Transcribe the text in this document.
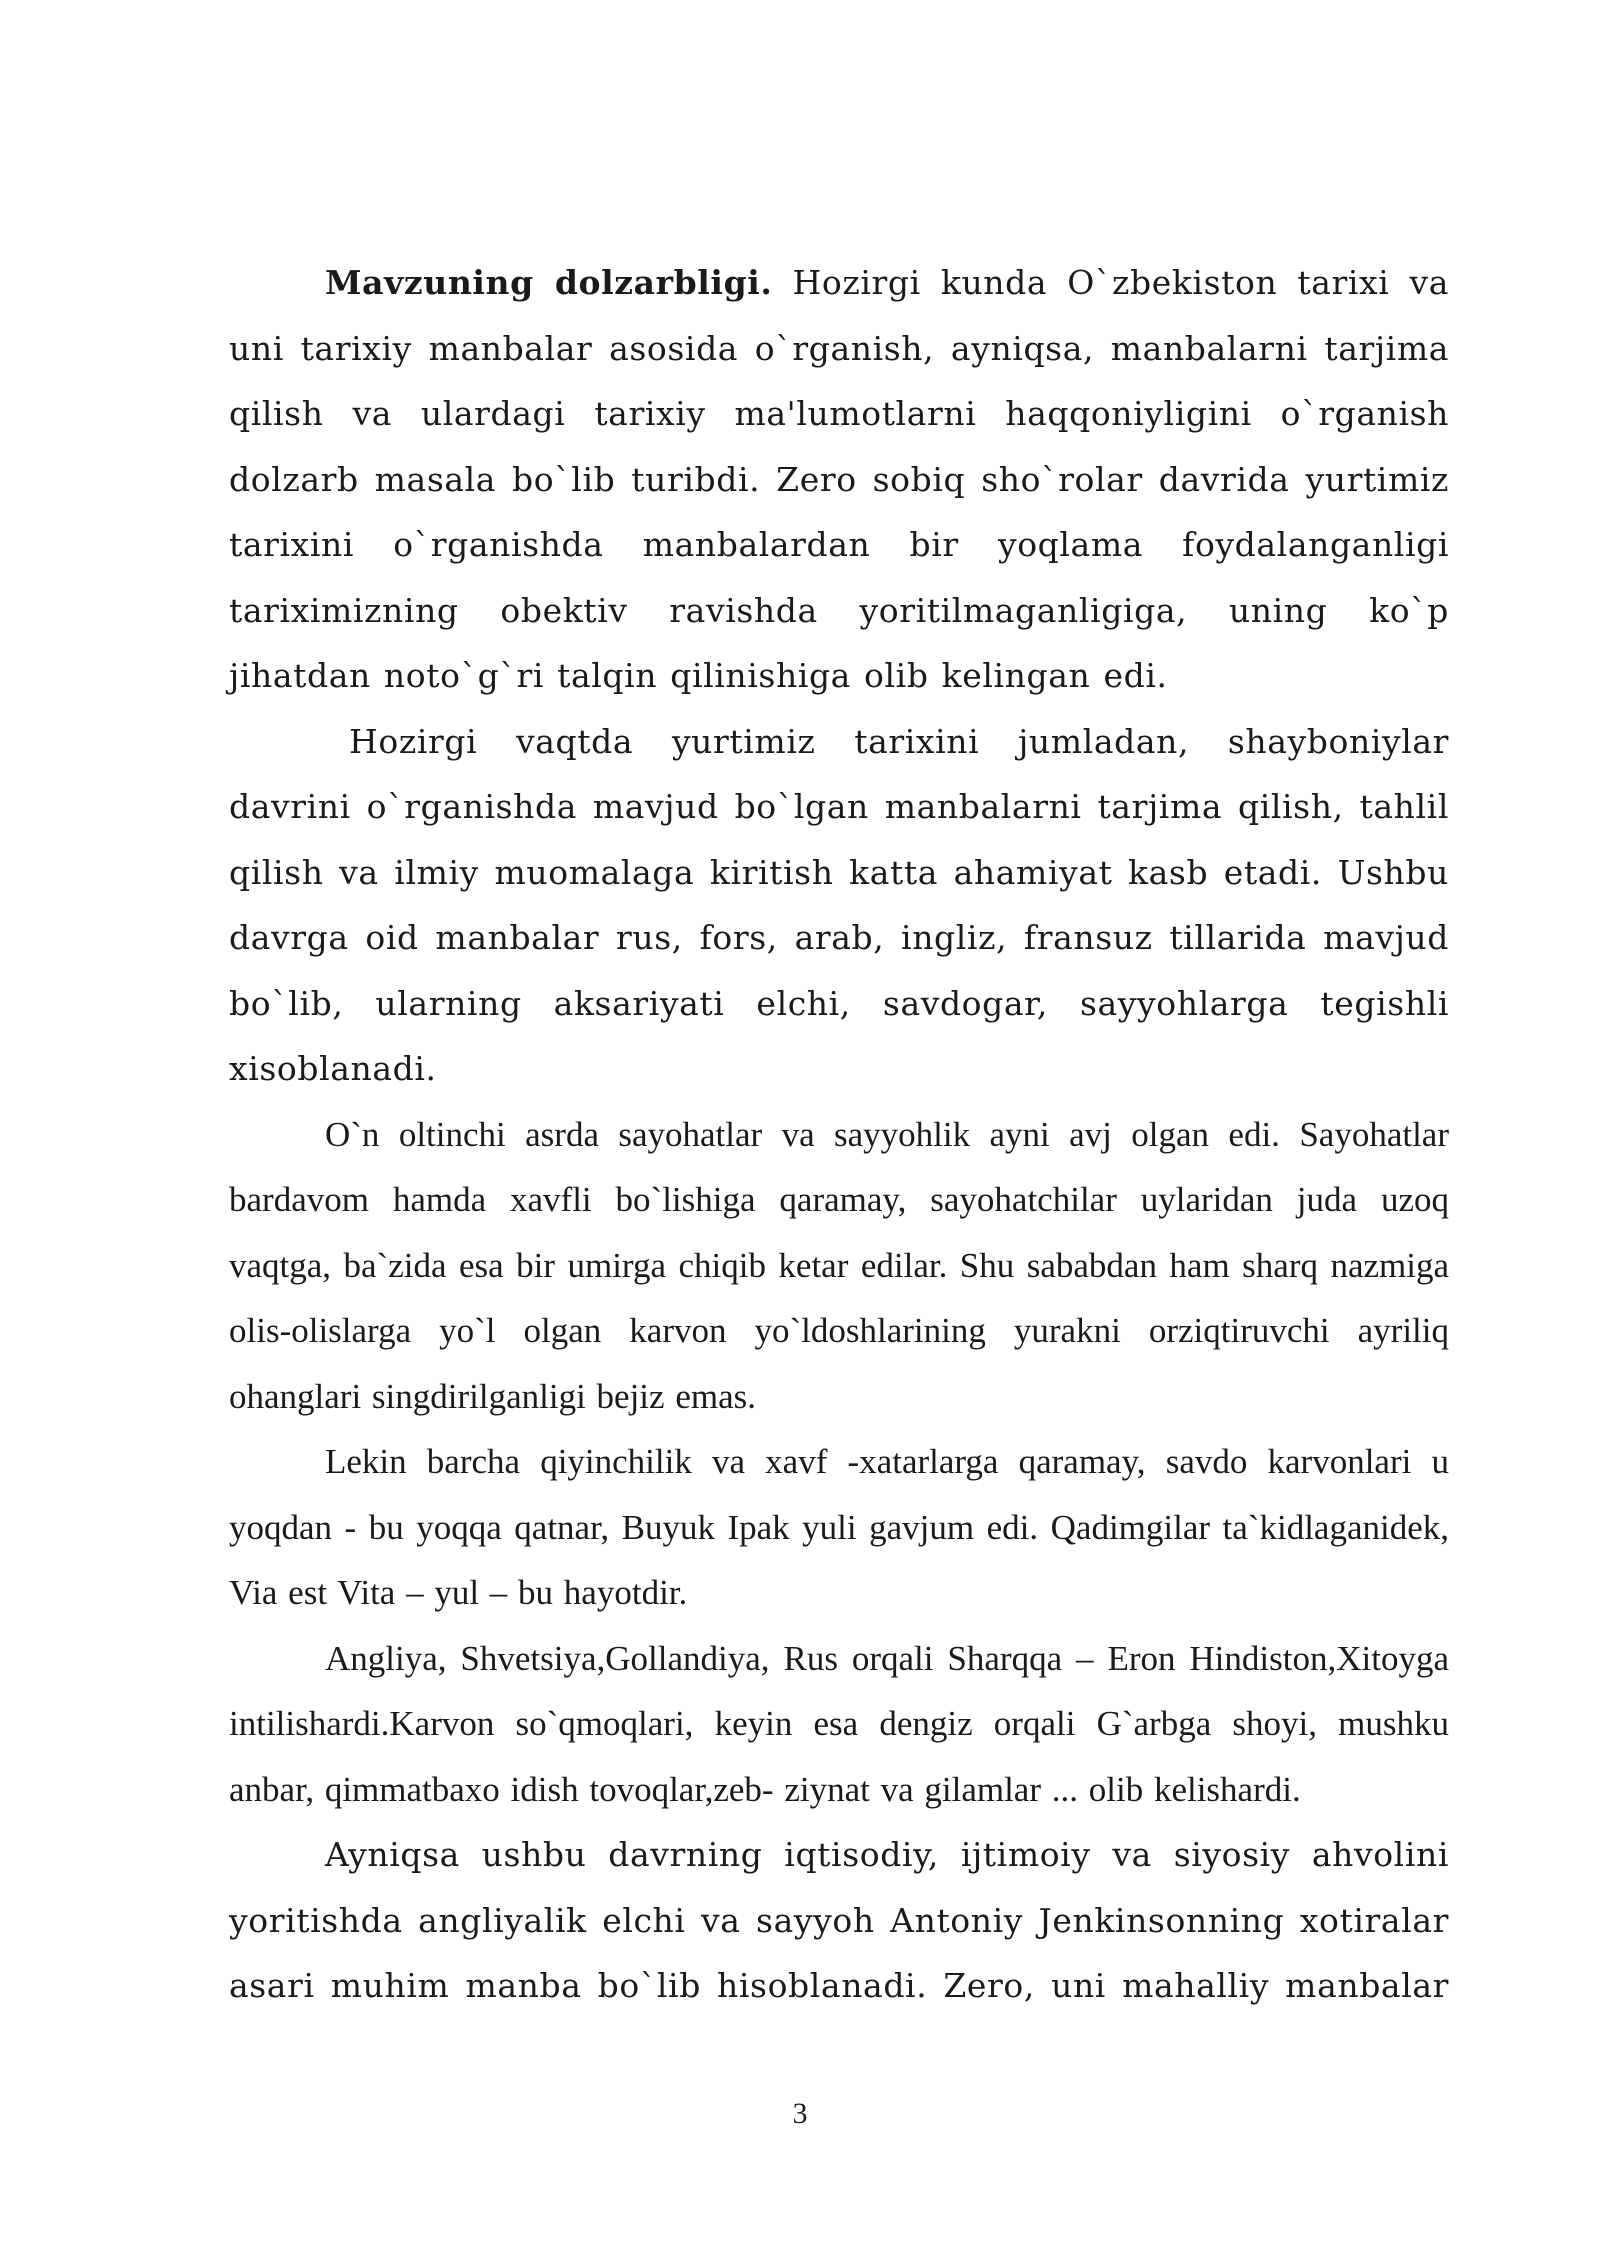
Mavzuning dolzarbligi. Hozirgi kunda O`zbekiston tarixi va uni tarixiy manbalar asosida o`rganish, ayniqsa, manbalarni tarjima qilish va ulardagi tarixiy ma'lumotlarni haqqoniyligini o`rganish dolzarb masala bo`lib turibdi. Zero sobiq sho`rolar davrida yurtimiz tarixini o`rganishda manbalardan bir yoqlama foydalanganligi tariximizning obektiv ravishda yoritilmaganligiga, uning ko`p jihatdan noto`g`ri talqin qilinishiga olib kelingan edi.

Hozirgi vaqtda yurtimiz tarixini jumladan, shayboniylar davrini o`rganishda mavjud bo`lgan manbalarni tarjima qilish, tahlil qilish va ilmiy muomalaga kiritish katta ahamiyat kasb etadi. Ushbu davrga oid manbalar rus, fors, arab, ingliz, fransuz tillarida mavjud bo`lib, ularning aksariyati elchi, savdogar, sayyohlarga tegishli xisoblanadi.

O`n oltinchi asrda sayohatlar va sayyohlik ayni avj olgan edi. Sayohatlar bardavom hamda xavfli bo`lishiga qaramay, sayohatchilar uylaridan juda uzoq vaqtga, ba`zida esa bir umirga chiqib ketar edilar. Shu sababdan ham sharq nazmiga olis-olislarga yo`l olgan karvon yo`ldoshlarining yurakni orziqtiruvchi ayriliq ohanglari singdirilganligi bejiz emas.

Lekin barcha qiyinchilik va xavf -xatarlarga qaramay, savdo karvonlari u yoqdan - bu yoqqa qatnar, Buyuk Ipak yuli gavjum edi. Qadimgilar ta`kidlaganidek, Via est Vita – yul – bu hayotdir.

Angliya, Shvetsiya,Gollandiya, Rus orqali Sharqqa – Eron Hindiston,Xitoyga intilishardi.Karvon so`qmoqlari, keyin esa dengiz orqali G`arbga shoyi, mushku anbar, qimmatbaxo idish tovoqlar,zeb- ziynat va gilamlar ... olib kelishardi.

Ayniqsa ushbu davrning iqtisodiy, ijtimoiy va siyosiy ahvolini yoritishda angliyalik elchi va sayyoh Antoniy Jenkinsonning xotiralar asari muhim manba bo`lib hisoblanadi. Zero, uni mahalliy manbalar

3
